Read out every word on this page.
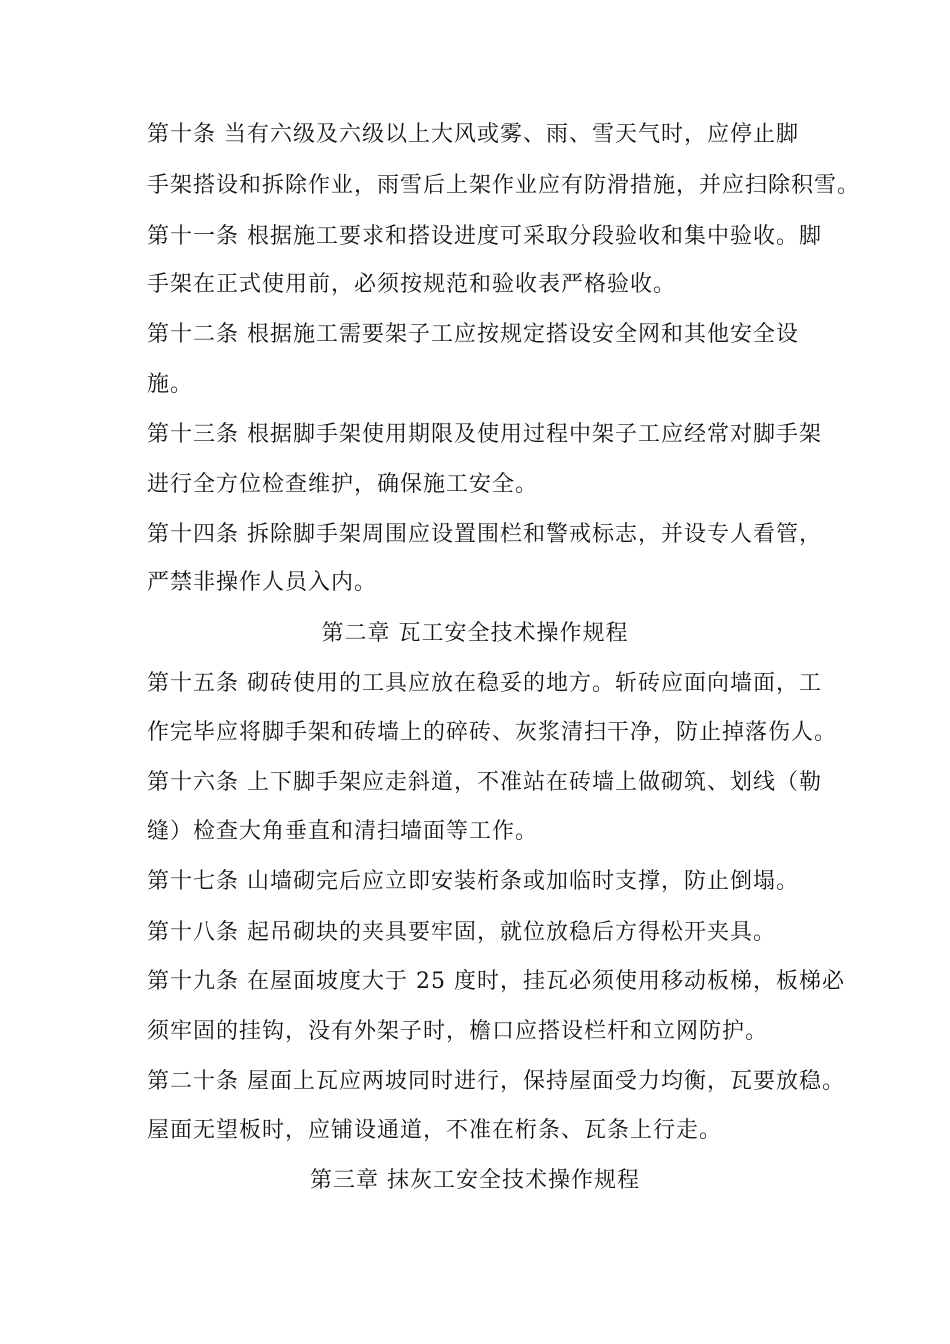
第十条 当有六级及六级以上大风或雾、雨、雪天气时，应停止脚
手架搭设和拆除作业，雨雪后上架作业应有防滑措施，并应扫除积雪。
第十一条 根据施工要求和搭设进度可采取分段验收和集中验收。脚
手架在正式使用前，必须按规范和验收表严格验收。
第十二条 根据施工需要架子工应按规定搭设安全网和其他安全设
施。
第十三条 根据脚手架使用期限及使用过程中架子工应经常对脚手架
进行全方位检查维护，确保施工安全。
第十四条 拆除脚手架周围应设置围栏和警戒标志，并设专人看管，
严禁非操作人员入内。
第二章 瓦工安全技术操作规程
第十五条 砌砖使用的工具应放在稳妥的地方。斩砖应面向墙面，工
作完毕应将脚手架和砖墙上的碎砖、灰浆清扫干净，防止掉落伤人。
第十六条 上下脚手架应走斜道，不准站在砖墙上做砌筑、划线（勒
缝）检查大角垂直和清扫墙面等工作。
第十七条 山墙砌完后应立即安装桁条或加临时支撑，防止倒塌。
第十八条 起吊砌块的夹具要牢固，就位放稳后方得松开夹具。
第十九条 在屋面坡度大于 25 度时，挂瓦必须使用移动板梯，板梯必
须牢固的挂钩，没有外架子时，檐口应搭设栏杆和立网防护。
第二十条 屋面上瓦应两坡同时进行，保持屋面受力均衡，瓦要放稳。
屋面无望板时，应铺设通道，不准在桁条、瓦条上行走。
第三章 抹灰工安全技术操作规程
